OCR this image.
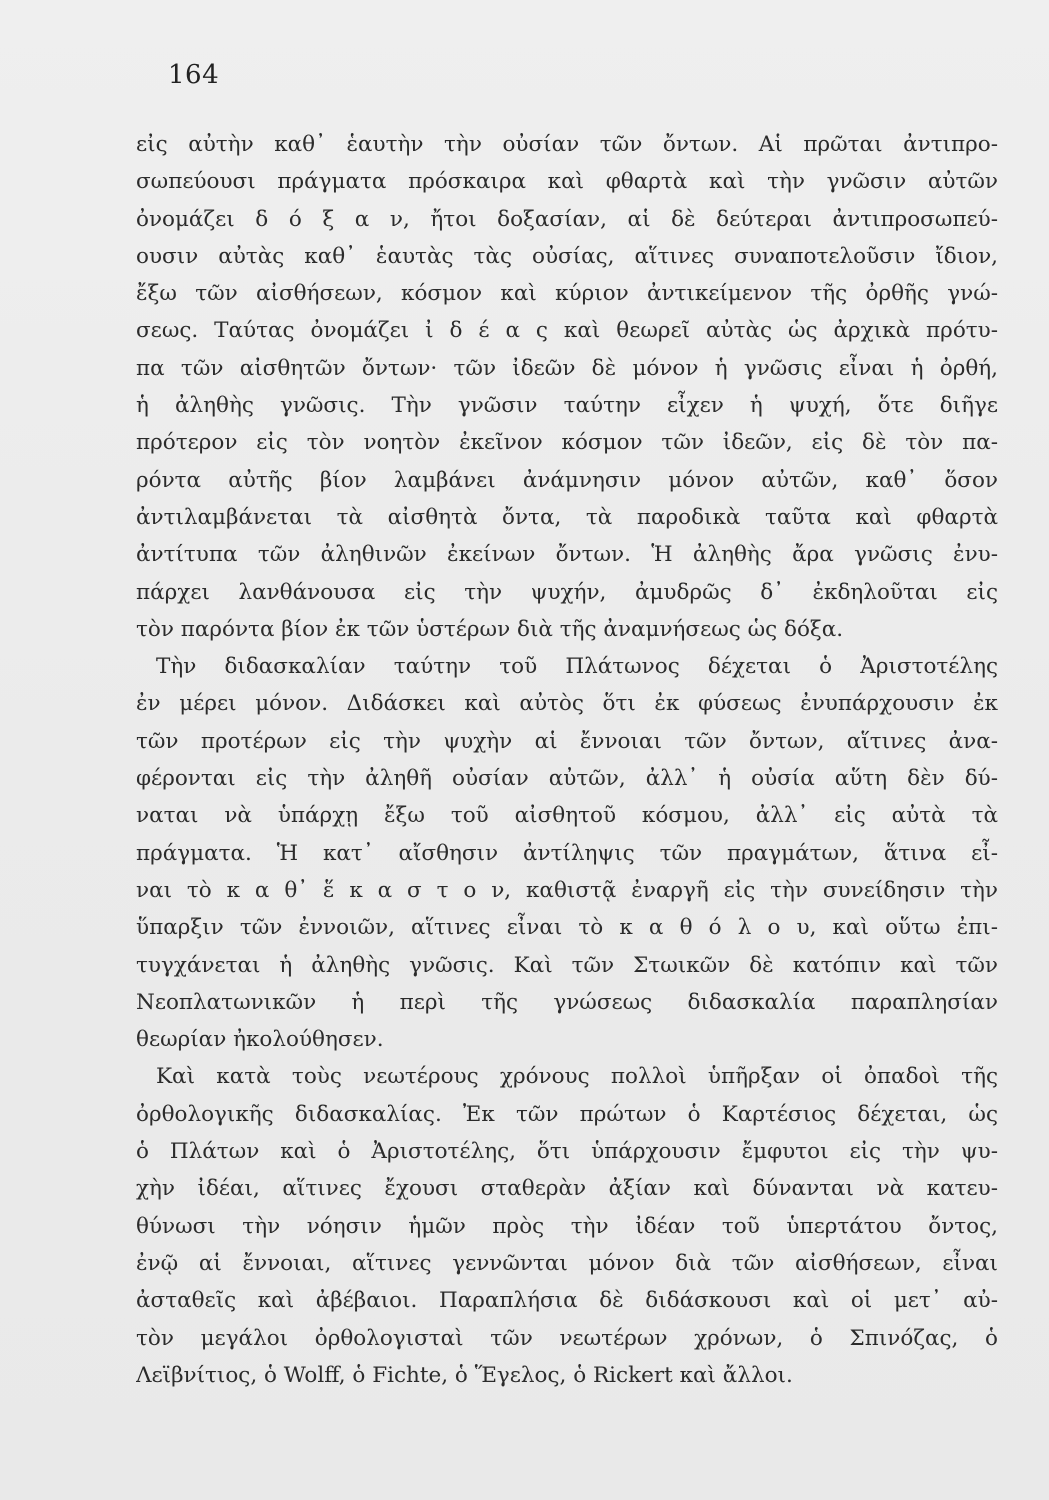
164
εἰς αὐτὴν καθ᾿ ἑαυτὴν τὴν οὐσίαν τῶν ὄντων. Αἱ πρῶται ἀντιπρο-
σωπεύουσι πράγματα πρόσκαιρα καὶ φθαρτὰ καὶ τὴν γνῶσιν αὐτῶν
ὀνομάζει δ ό ξ α ν, ἤτοι δοξασίαν, αἱ δὲ δεύτεραι ἀντιπροσωπεύ-
ουσιν αὐτὰς καθ᾿ ἑαυτὰς τὰς οὐσίας, αἵτινες συναποτελοῦσιν ἴδιον,
ἔξω τῶν αἰσθήσεων, κόσμον καὶ κύριον ἀντικείμενον τῆς ὀρθῆς γνώ-
σεως. Ταύτας ὀνομάζει ἰ δ έ α ς καὶ θεωρεῖ αὐτὰς ὡς ἀρχικὰ πρότυ-
πα τῶν αἰσθητῶν ὄντων· τῶν ἰδεῶν δὲ μόνον ἡ γνῶσις εἶναι ἡ ὀρθή,
ἡ ἀληθὴς γνῶσις. Τὴν γνῶσιν ταύτην εἶχεν ἡ ψυχή, ὅτε διῆγε
πρότερον εἰς τὸν νοητὸν ἐκεῖνον κόσμον τῶν ἰδεῶν, εἰς δὲ τὸν πα-
ρόντα αὐτῆς βίον λαμβάνει ἀνάμνησιν μόνον αὐτῶν, καθ᾿ ὅσον
ἀντιλαμβάνεται τὰ αἰσθητὰ ὄντα, τὰ παροδικὰ ταῦτα καὶ φθαρτὰ
ἀντίτυπα τῶν ἀληθινῶν ἐκείνων ὄντων. Ἡ ἀληθὴς ἄρα γνῶσις ἐνυ-
πάρχει λανθάνουσα εἰς τὴν ψυχήν, ἀμυδρῶς δ᾿ ἐκδηλοῦται εἰς
τὸν παρόντα βίον ἐκ τῶν ὑστέρων διὰ τῆς ἀναμνήσεως ὡς δόξα.
Τὴν διδασκαλίαν ταύτην τοῦ Πλάτωνος δέχεται ὁ Ἀριστοτέλης
ἐν μέρει μόνον. Διδάσκει καὶ αὐτὸς ὅτι ἐκ φύσεως ἐνυπάρχουσιν ἐκ
τῶν προτέρων εἰς τὴν ψυχὴν αἱ ἔννοιαι τῶν ὄντων, αἵτινες ἀνα-
φέρονται εἰς τὴν ἀληθῆ οὐσίαν αὐτῶν, ἀλλ᾿ ἡ οὐσία αὕτη δὲν δύ-
ναται νὰ ὑπάρχῃ ἔξω τοῦ αἰσθητοῦ κόσμου, ἀλλ᾿ εἰς αὐτὰ τὰ
πράγματα. Ἡ κατ᾿ αἴσθησιν ἀντίληψις τῶν πραγμάτων, ἅτινα εἶ-
ναι τὸ κ α θ᾿ ἕ κ α σ τ ο ν, καθιστᾷ ἐναργῆ εἰς τὴν συνείδησιν τὴν
ὕπαρξιν τῶν ἐννοιῶν, αἵτινες εἶναι τὸ κ α θ ό λ ο υ, καὶ οὕτω ἐπι-
τυγχάνεται ἡ ἀληθὴς γνῶσις. Καὶ τῶν Στωικῶν δὲ κατόπιν καὶ τῶν
Νεοπλατωνικῶν ἡ περὶ τῆς γνώσεως διδασκαλία παραπλησίαν
θεωρίαν ἠκολούθησεν.
Καὶ κατὰ τοὺς νεωτέρους χρόνους πολλοὶ ὑπῆρξαν οἱ ὀπαδοὶ τῆς
ὀρθολογικῆς διδασκαλίας. Ἐκ τῶν πρώτων ὁ Καρτέσιος δέχεται, ὡς
ὁ Πλάτων καὶ ὁ Ἀριστοτέλης, ὅτι ὑπάρχουσιν ἔμφυτοι εἰς τὴν ψυ-
χὴν ἰδέαι, αἵτινες ἔχουσι σταθερὰν ἀξίαν καὶ δύνανται νὰ κατευ-
θύνωσι τὴν νόησιν ἡμῶν πρὸς τὴν ἰδέαν τοῦ ὑπερτάτου ὄντος,
ἐνῷ αἱ ἔννοιαι, αἵτινες γεννῶνται μόνον διὰ τῶν αἰσθήσεων, εἶναι
ἀσταθεῖς καὶ ἀβέβαιοι. Παραπλήσια δὲ διδάσκουσι καὶ οἱ μετ᾿ αὐ-
τὸν μεγάλοι ὀρθολογισταὶ τῶν νεωτέρων χρόνων, ὁ Σπινόζας, ὁ
Λεϊβνίτιος, ὁ Wolff, ὁ Fichte, ὁ Ἕγελος, ὁ Rickert καὶ ἄλλοι.
